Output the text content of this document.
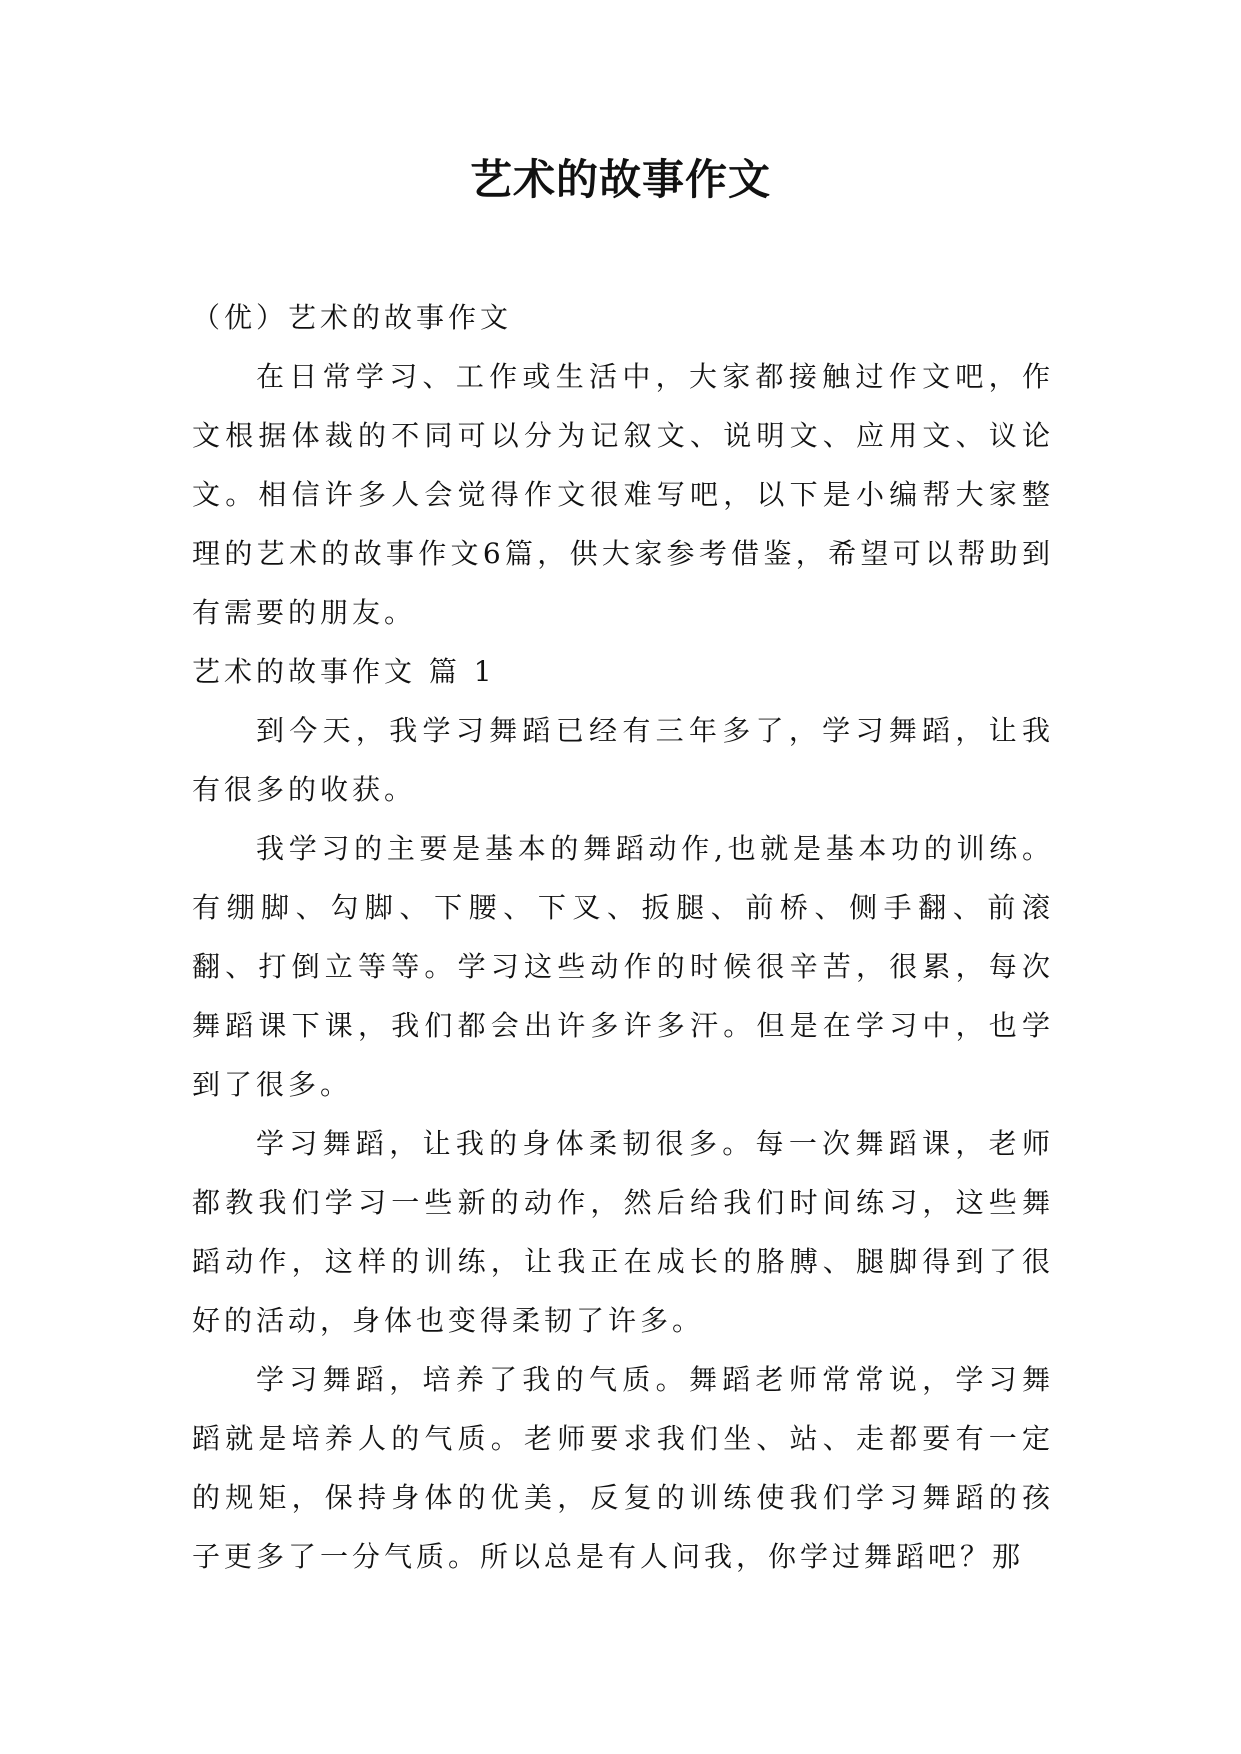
艺术的故事作文

（优）艺术的故事作文

在日常学习、工作或生活中，大家都接触过作文吧，作文根据体裁的不同可以分为记叙文、说明文、应用文、议论文。相信许多人会觉得作文很难写吧，以下是小编帮大家整理的艺术的故事作文6篇，供大家参考借鉴，希望可以帮助到有需要的朋友。

艺术的故事作文 篇 1

到今天，我学习舞蹈已经有三年多了，学习舞蹈，让我有很多的收获。

我学习的主要是基本的舞蹈动作,也就是基本功的训练。有绷脚、勾脚、下腰、下叉、扳腿、前桥、侧手翻、前滚翻、打倒立等等。学习这些动作的时候很辛苦，很累，每次舞蹈课下课，我们都会出许多许多汗。但是在学习中，也学到了很多。

学习舞蹈，让我的身体柔韧很多。每一次舞蹈课，老师都教我们学习一些新的动作，然后给我们时间练习，这些舞蹈动作，这样的训练，让我正在成长的胳膊、腿脚得到了很好的活动，身体也变得柔韧了许多。

学习舞蹈，培养了我的气质。舞蹈老师常常说，学习舞蹈就是培养人的气质。老师要求我们坐、站、走都要有一定的规矩，保持身体的优美，反复的训练使我们学习舞蹈的孩子更多了一分气质。所以总是有人问我，你学过舞蹈吧？那
